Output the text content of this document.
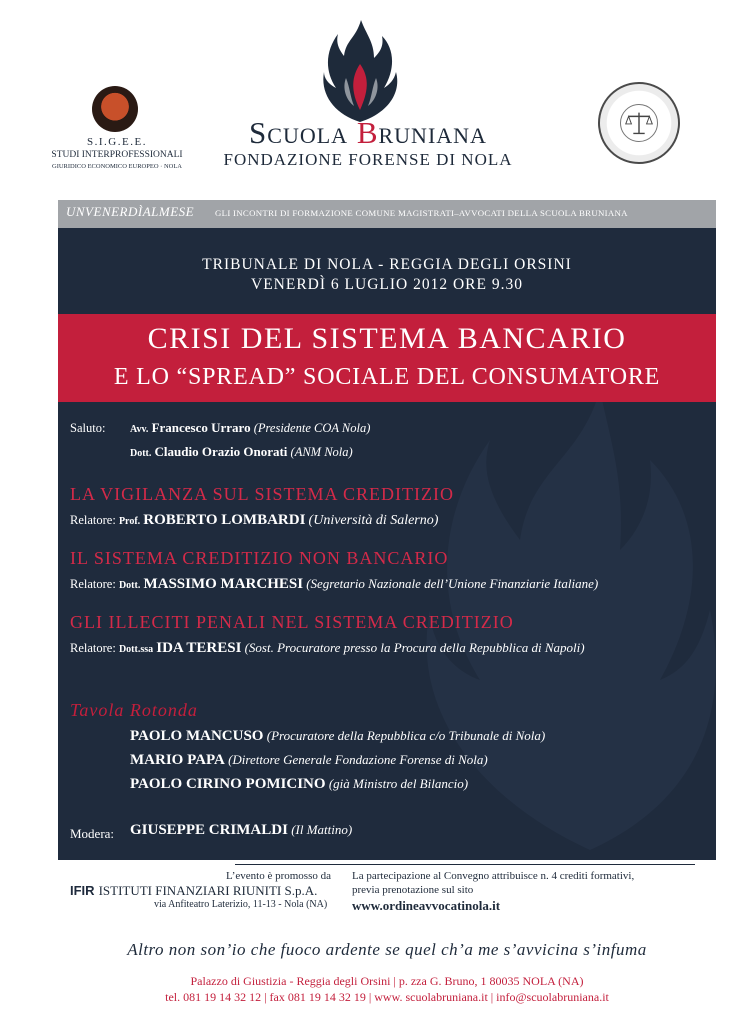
S.I.G.E.E.
STUDI INTERPROFESSIONALI
GIURIDICO ECONOMICO EUROPEO · NOLA
Scuola Bruniana
FONDAZIONE FORENSE DI NOLA
UNVENERDÌALMESE GLI INCONTRI DI FORMAZIONE COMUNE MAGISTRATI–AVVOCATI DELLA SCUOLA BRUNIANA
TRIBUNALE DI NOLA - REGGIA DEGLI ORSINI
VENERDÌ 6 LUGLIO 2012 ORE 9.30
CRISI DEL SISTEMA BANCARIO
E LO “SPREAD” SOCIALE DEL CONSUMATORE
Saluto: Avv. Francesco Urraro (Presidente COA Nola)
Dott. Claudio Orazio Onorati (ANM Nola)
LA VIGILANZA SUL SISTEMA CREDITIZIO
Relatore: Prof. ROBERTO LOMBARDI (Università di Salerno)
IL SISTEMA CREDITIZIO NON BANCARIO
Relatore: Dott. MASSIMO MARCHESI (Segretario Nazionale dell’Unione Finanziarie Italiane)
GLI ILLECITI PENALI NEL SISTEMA CREDITIZIO
Relatore: Dott.ssa IDA TERESI (Sost. Procuratore presso la Procura della Repubblica di Napoli)
Tavola Rotonda
PAOLO MANCUSO (Procuratore della Repubblica c/o Tribunale di Nola)
MARIO PAPA (Direttore Generale Fondazione Forense di Nola)
PAOLO CIRINO POMICINO (già Ministro del Bilancio)
Modera: GIUSEPPE CRIMALDI (Il Mattino)
L’evento è promosso da
IFIR ISTITUTI FINANZIARI RIUNITI S.p.A.
via Anfiteatro Laterizio, 11-13 - Nola (NA)
La partecipazione al Convegno attribuisce n. 4 crediti formativi,
previa prenotazione sul sito
www.ordineavvocatinola.it
Altro non son’io che fuoco ardente se quel ch’a me s’avvicina s’infuma
Palazzo di Giustizia - Reggia degli Orsini | p. zza G. Bruno, 1 80035 NOLA (NA)
tel. 081 19 14 32 12 | fax 081 19 14 32 19 | www. scuolabruniana.it | info@scuolabruniana.it
